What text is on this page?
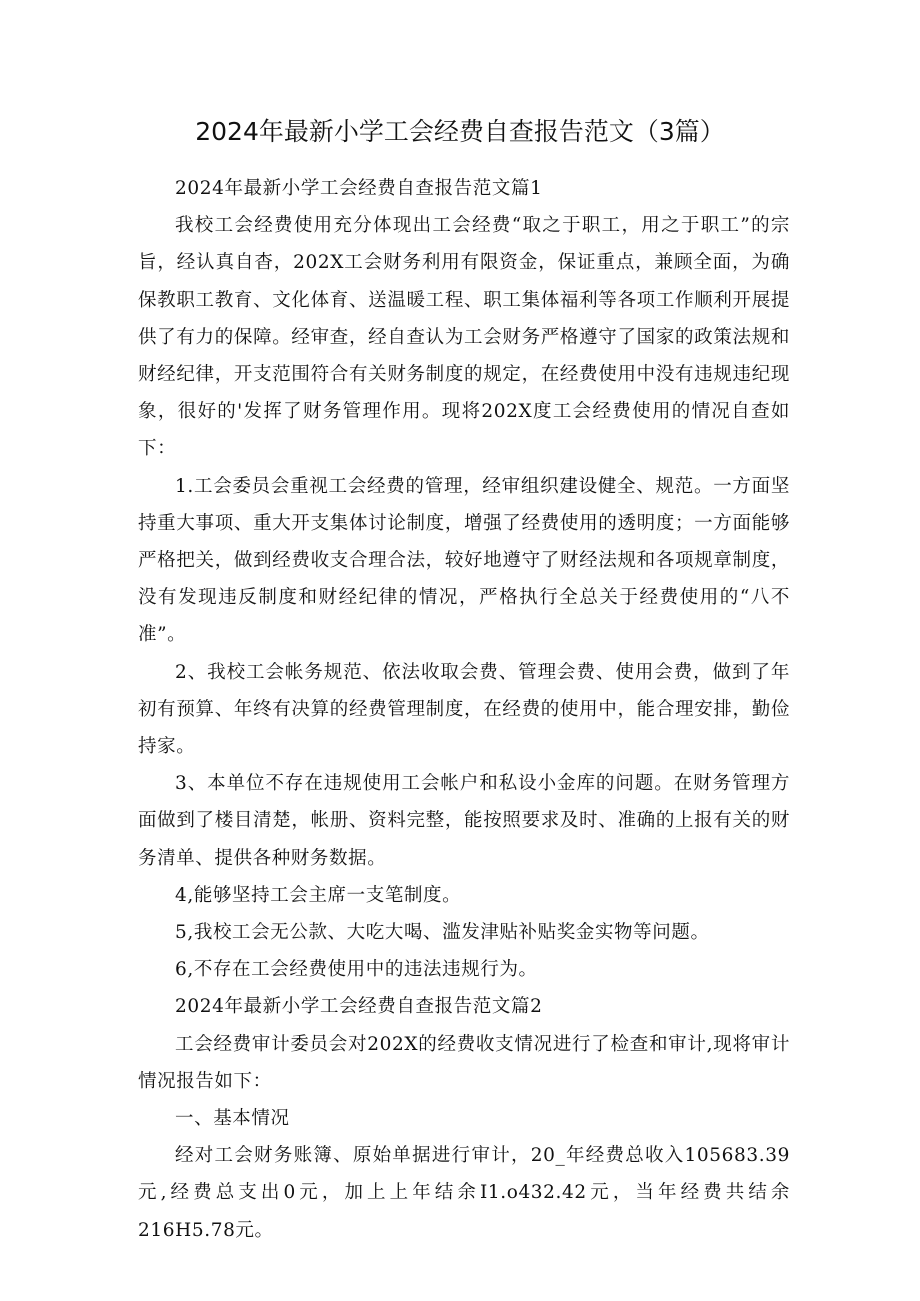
2024年最新小学工会经费自查报告范文（3篇）

2024年最新小学工会经费自查报告范文篇1

我校工会经费使用充分体现出工会经费“取之于职工，用之于职工”的宗旨，经认真自杳，202X工会财务利用有限资金，保证重点，兼顾全面，为确保教职工教育、文化体育、送温暖工程、职工集体福利等各项工作顺利开展提供了有力的保障。经审查，经自查认为工会财务严格遵守了国家的政策法规和财经纪律，开支范围符合有关财务制度的规定，在经费使用中没有违规违纪现象，很好的'发挥了财务管理作用。现将202X度工会经费使用的情况自查如下：

1.工会委员会重视工会经费的管理，经审组织建设健全、规范。一方面坚持重大事项、重大开支集体讨论制度，增强了经费使用的透明度；一方面能够严格把关，做到经费收支合理合法，较好地遵守了财经法规和各项规章制度，没有发现违反制度和财经纪律的情况，严格执行全总关于经费使用的“八不准”。

2、我校工会帐务规范、依法收取会费、管理会费、使用会费，做到了年初有预算、年终有决算的经费管理制度，在经费的使用中，能合理安排，勤俭持家。

3、本单位不存在违规使用工会帐户和私设小金库的问题。在财务管理方面做到了楼目清楚，帐册、资料完整，能按照要求及时、准确的上报有关的财务清单、提供各种财务数据。

4,能够坚持工会主席一支笔制度。

5,我校工会无公款、大吃大喝、滥发津贴补贴奖金实物等问题。

6,不存在工会经费使用中的违法违规行为。

2024年最新小学工会经费自查报告范文篇2

工会经费审计委员会对202X的经费收支情况进行了检查和审计,现将审计情况报告如下：

一、基本情况

经对工会财务账簿、原始单据进行审计，20_年经费总收入105683.39元,经费总支出0元，加上上年结余I1.o432.42元，当年经费共结余216H5.78元。
